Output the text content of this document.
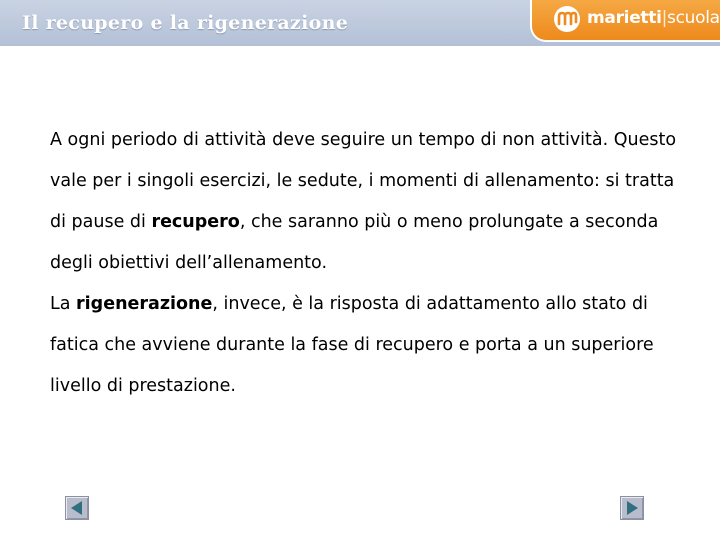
Il recupero e la rigenerazione	marietti|scuola

A ogni periodo di attività deve seguire un tempo di non attività. Questo vale per i singoli esercizi, le sedute, i momenti di allenamento: si tratta di pause di recupero, che saranno più o meno prolungate a seconda degli obiettivi dell’allenamento.

La rigenerazione, invece, è la risposta di adattamento allo stato di fatica che avviene durante la fase di recupero e porta a un superiore livello di prestazione.
